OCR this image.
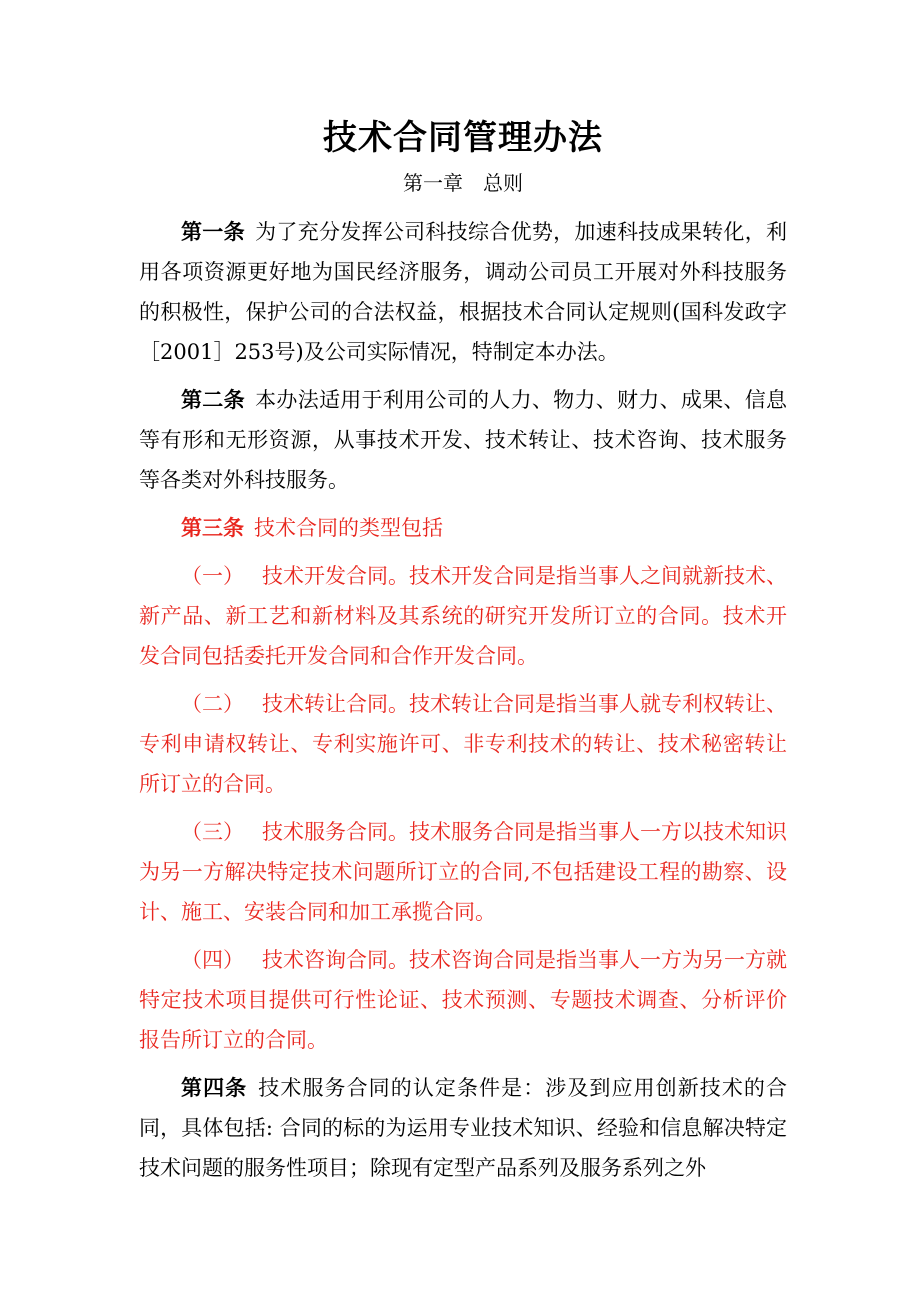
技术合同管理办法
第一章　总则

第一条 为了充分发挥公司科技综合优势，加速科技成果转化，利用各项资源更好地为国民经济服务，调动公司员工开展对外科技服务的积极性，保护公司的合法权益，根据技术合同认定规则(国科发政字［2001］253号)及公司实际情况，特制定本办法。

第二条 本办法适用于利用公司的人力、物力、财力、成果、信息等有形和无形资源，从事技术开发、技术转让、技术咨询、技术服务等各类对外科技服务。

第三条 技术合同的类型包括

（一） 技术开发合同。技术开发合同是指当事人之间就新技术、新产品、新工艺和新材料及其系统的研究开发所订立的合同。技术开发合同包括委托开发合同和合作开发合同。

（二） 技术转让合同。技术转让合同是指当事人就专利权转让、专利申请权转让、专利实施许可、非专利技术的转让、技术秘密转让所订立的合同。

（三） 技术服务合同。技术服务合同是指当事人一方以技术知识为另一方解决特定技术问题所订立的合同,不包括建设工程的勘察、设计、施工、安装合同和加工承揽合同。

（四） 技术咨询合同。技术咨询合同是指当事人一方为另一方就特定技术项目提供可行性论证、技术预测、专题技术调查、分析评价报告所订立的合同。

第四条 技术服务合同的认定条件是：涉及到应用创新技术的合同，具体包括: 合同的标的为运用专业技术知识、经验和信息解决特定技术问题的服务性项目；除现有定型产品系列及服务系列之外
